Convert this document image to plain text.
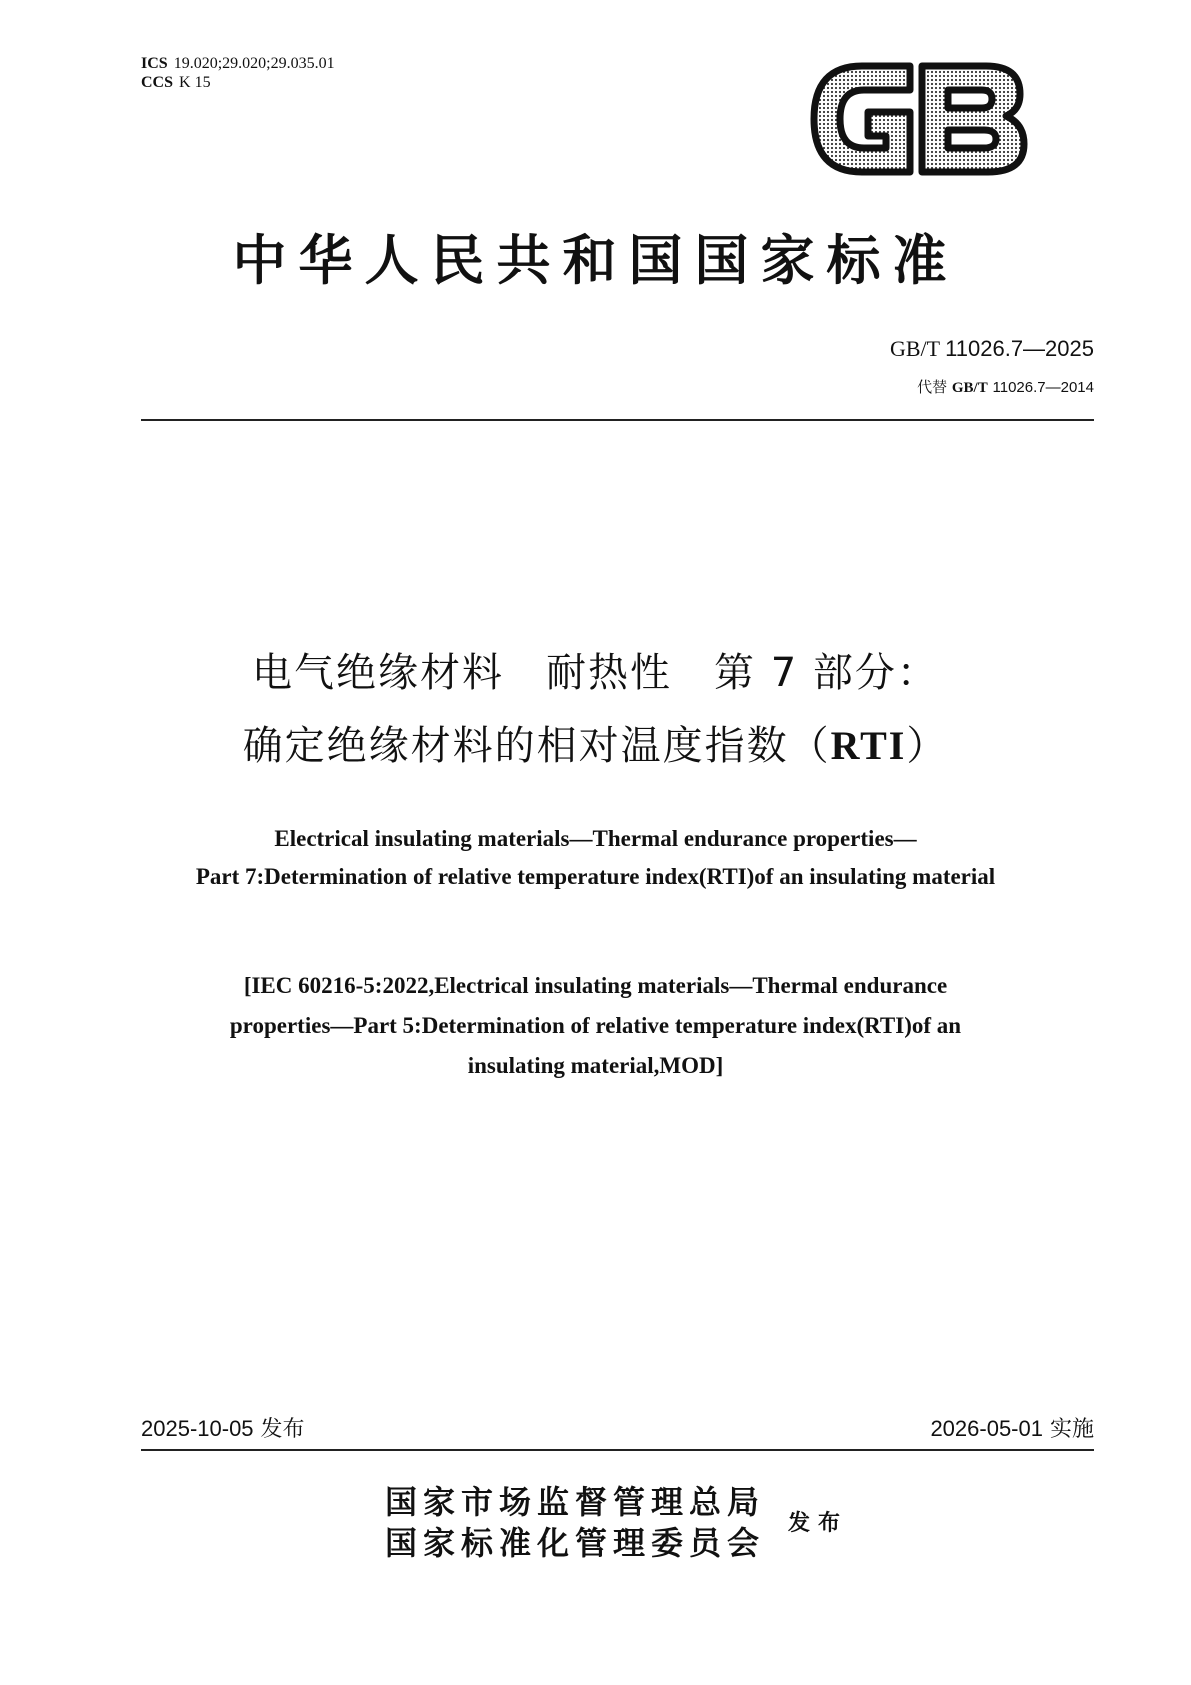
ICS 19.020;29.020;29.035.01
CCS K 15
中华人民共和国国家标准
GB/T 11026.7—2025
代替 GB/T 11026.7—2014
电气绝缘材料　耐热性　第 7 部分：
确定绝缘材料的相对温度指数（RTI）
Electrical insulating materials—Thermal endurance properties—
Part 7:Determination of relative temperature index(RTI)of an insulating material
[IEC 60216-5:2022,Electrical insulating materials—Thermal endurance
properties—Part 5:Determination of relative temperature index(RTI)of an
insulating material,MOD]
2025-10-05 发布	2026-05-01 实施
国家市场监督管理总局
国家标准化管理委员会
发布
